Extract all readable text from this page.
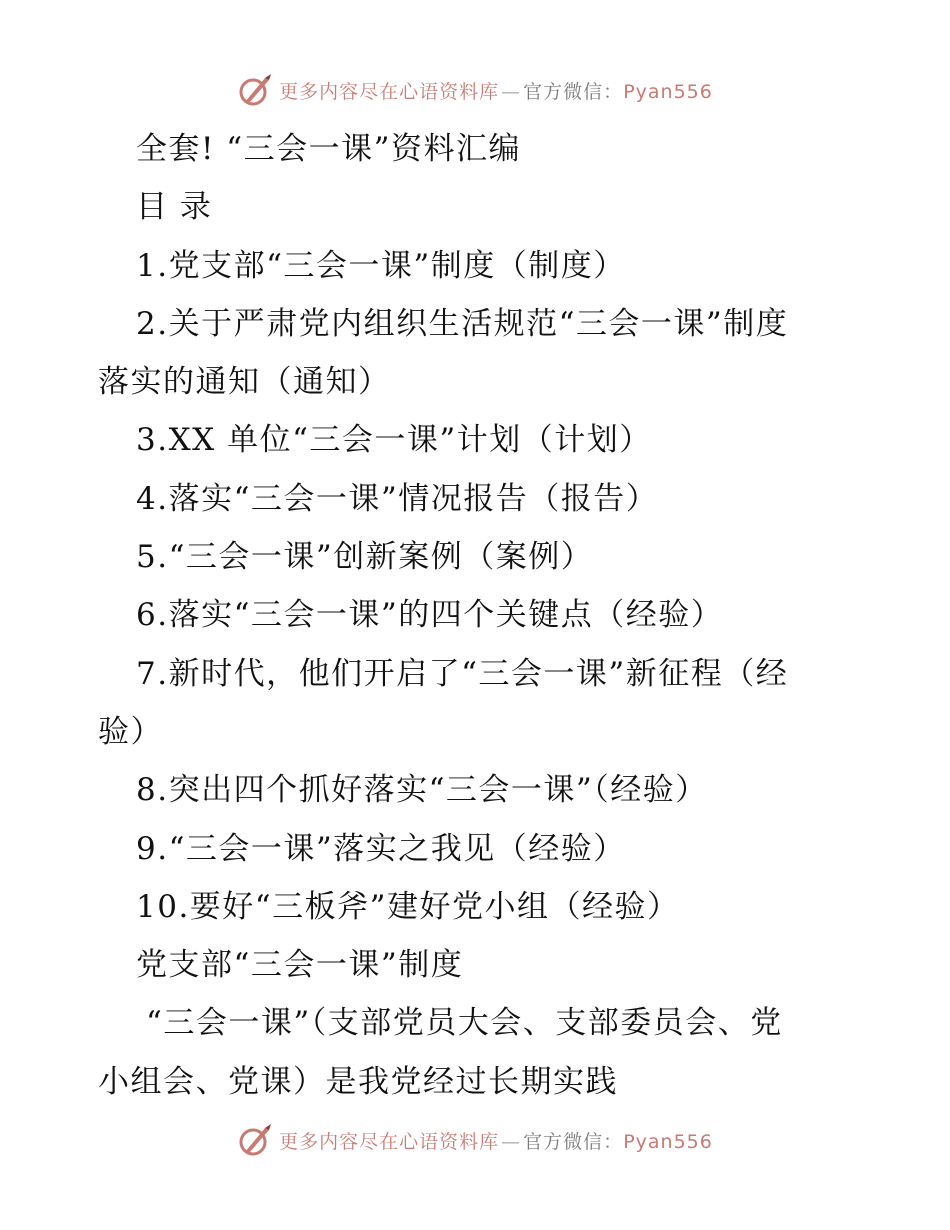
更多内容尽在心语资料库 — 官方微信：Pyan556
全套! “三会一课”资料汇编
目 录
1.党支部“三会一课”制度（制度）
2.关于严肃党内组织生活规范“三会一课”制度
落实的通知（通知）
3.XX 单位“三会一课”计划（计划）
4.落实“三会一课”情况报告（报告）
5.“三会一课”创新案例（案例）
6.落实“三会一课”的四个关键点（经验）
7.新时代，他们开启了“三会一课”新征程（经
验）
8.突出四个抓好落实“三会一课”（经验）
9.“三会一课”落实之我见（经验）
10.要好“三板斧”建好党小组（经验）
党支部“三会一课”制度
“三会一课”（支部党员大会、支部委员会、党
小组会、党课）是我党经过长期实践
更多内容尽在心语资料库 — 官方微信：Pyan556
